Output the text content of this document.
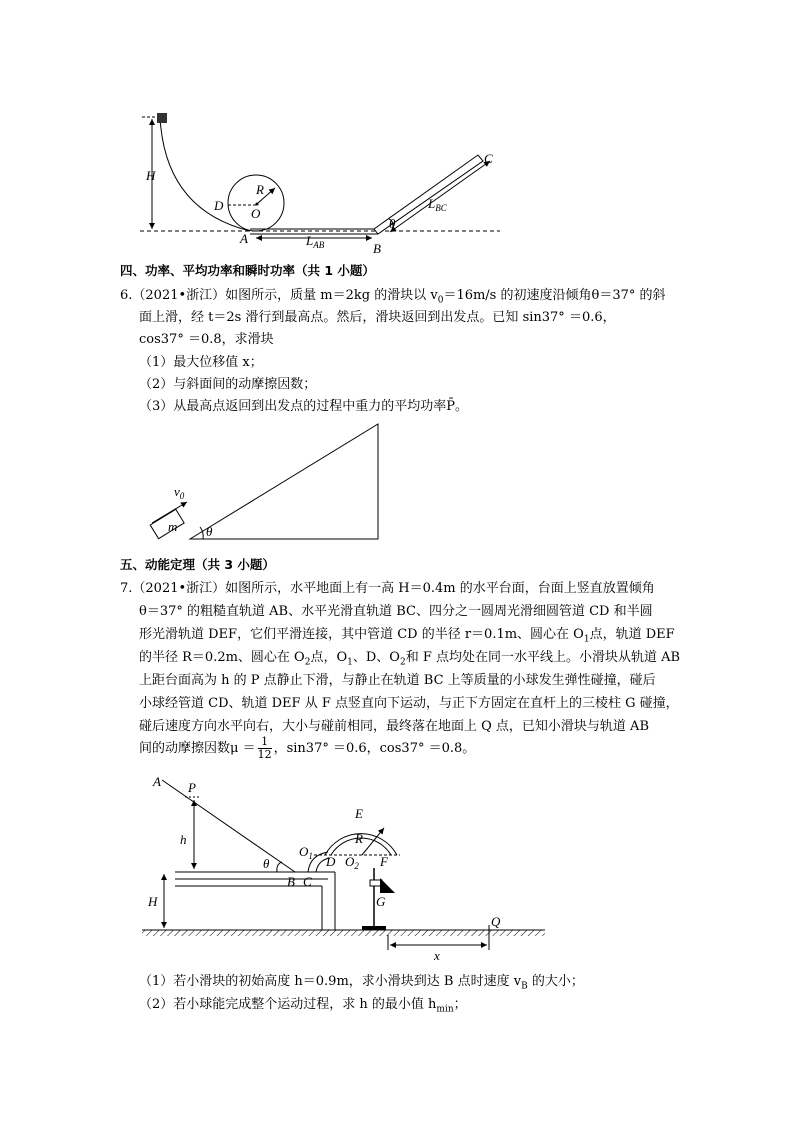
H
R
D
O
A	$L_{AB}$
C
B
θ
$L_{BC}$
四、功率、平均功率和瞬时功率（共 1 小题）
6.（2021•浙江）如图所示，质量 m＝2kg 的滑块以 $v_0=16m/s$ 的初速度沿倾角θ＝37° 的斜
面上滑，经 t＝2s 滑行到最高点。然后，滑块返回到出发点。已知 sin37° ＝0.6，
cos37° ＝0.8，求滑块
（1）最大位移值 x；
（2）与斜面间的动摩擦因数；
（3）从最高点返回到出发点的过程中重力的平均功率P̄。
m
$v_0$
θ
五、动能定理（共 3 小题）
7.（2021•浙江）如图所示，水平地面上有一高 H＝0.4m 的水平台面，台面上竖直放置倾角
θ＝37° 的粗糙直轨道 AB、水平光滑直轨道 BC、四分之一圆周光滑细圆管道 CD 和半圆
形光滑轨道 DEF，它们平滑连接，其中管道 CD 的半径 r＝0.1m、圆心在 $O_1$点，轨道 DEF
的半径 R＝0.2m、圆心在 $O_2$点，$O_1$、D、$O_2$和 F 点均处在同一水平线上。小滑块从轨道 AB
上距台面高为 h 的 P 点静止下滑，与静止在轨道 BC 上等质量的小球发生弹性碰撞，碰后
小球经管道 CD、轨道 DEF 从 F 点竖直向下运动，与正下方固定在直杆上的三棱柱 G 碰撞，
碰后速度方向水平向右，大小与碰前相同，最终落在地面上 Q 点，已知小滑块与轨道 AB
间的动摩擦因数$\mu = \frac{1}{12}$ ，sin37° ＝0.6，cos37° ＝0.8。
A P
h
H
θ
B C
$O_1$ D
E
R
$O_2$ F
G
x
Q
（1）若小滑块的初始高度 h＝0.9m，求小滑块到达 B 点时速度 $v_B$ 的大小；
（2）若小球能完成整个运动过程，求 h 的最小值 $h_{min}$；
